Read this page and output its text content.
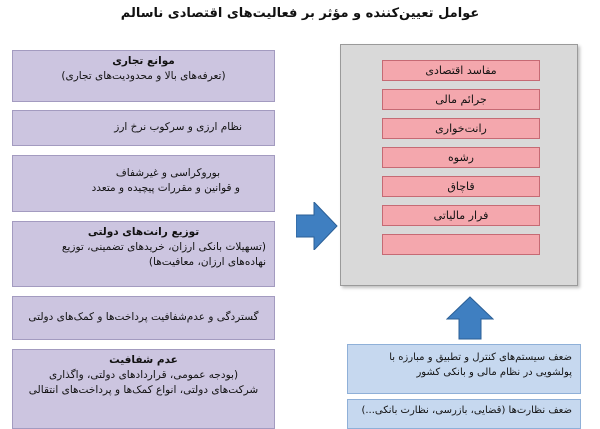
عوامل تعیین‌کننده و مؤثر بر فعالیت‌های اقتصادی ناسالم
موانع تجاری
(تعرفه‌های بالا و محدودیت‌های تجاری)
نظام ارزی و سرکوب نرخ ارز
بوروکراسی و غیرشفاف
و قوانین و مقررات پیچیده و متعدد
توزیع رانت‌های دولتی
(تسهیلات بانکی ارزان، خریدهای تضمینی، توزیع نهاده‌های ارزان، معافیت‌ها)
گستردگی و عدم‌شفافیت پرداخت‌ها و کمک‌های دولتی
عدم شفافیت
(بودجه عمومی، قراردادهای دولتی، واگذاری
شرکت‌های دولتی، انواع کمک‌ها و پرداخت‌های انتقالی
مفاسد اقتصادی
جرائم مالی
رانت‌خواری
رشوه
قاچاق
فرار مالیاتی
ضعف سیستم‌های کنترل و تطبیق و مبارزه با پولشویی در نظام مالی و بانکی کشور
ضعف نظارت‌ها (قضایی، بازرسی، نظارت بانکی...)
